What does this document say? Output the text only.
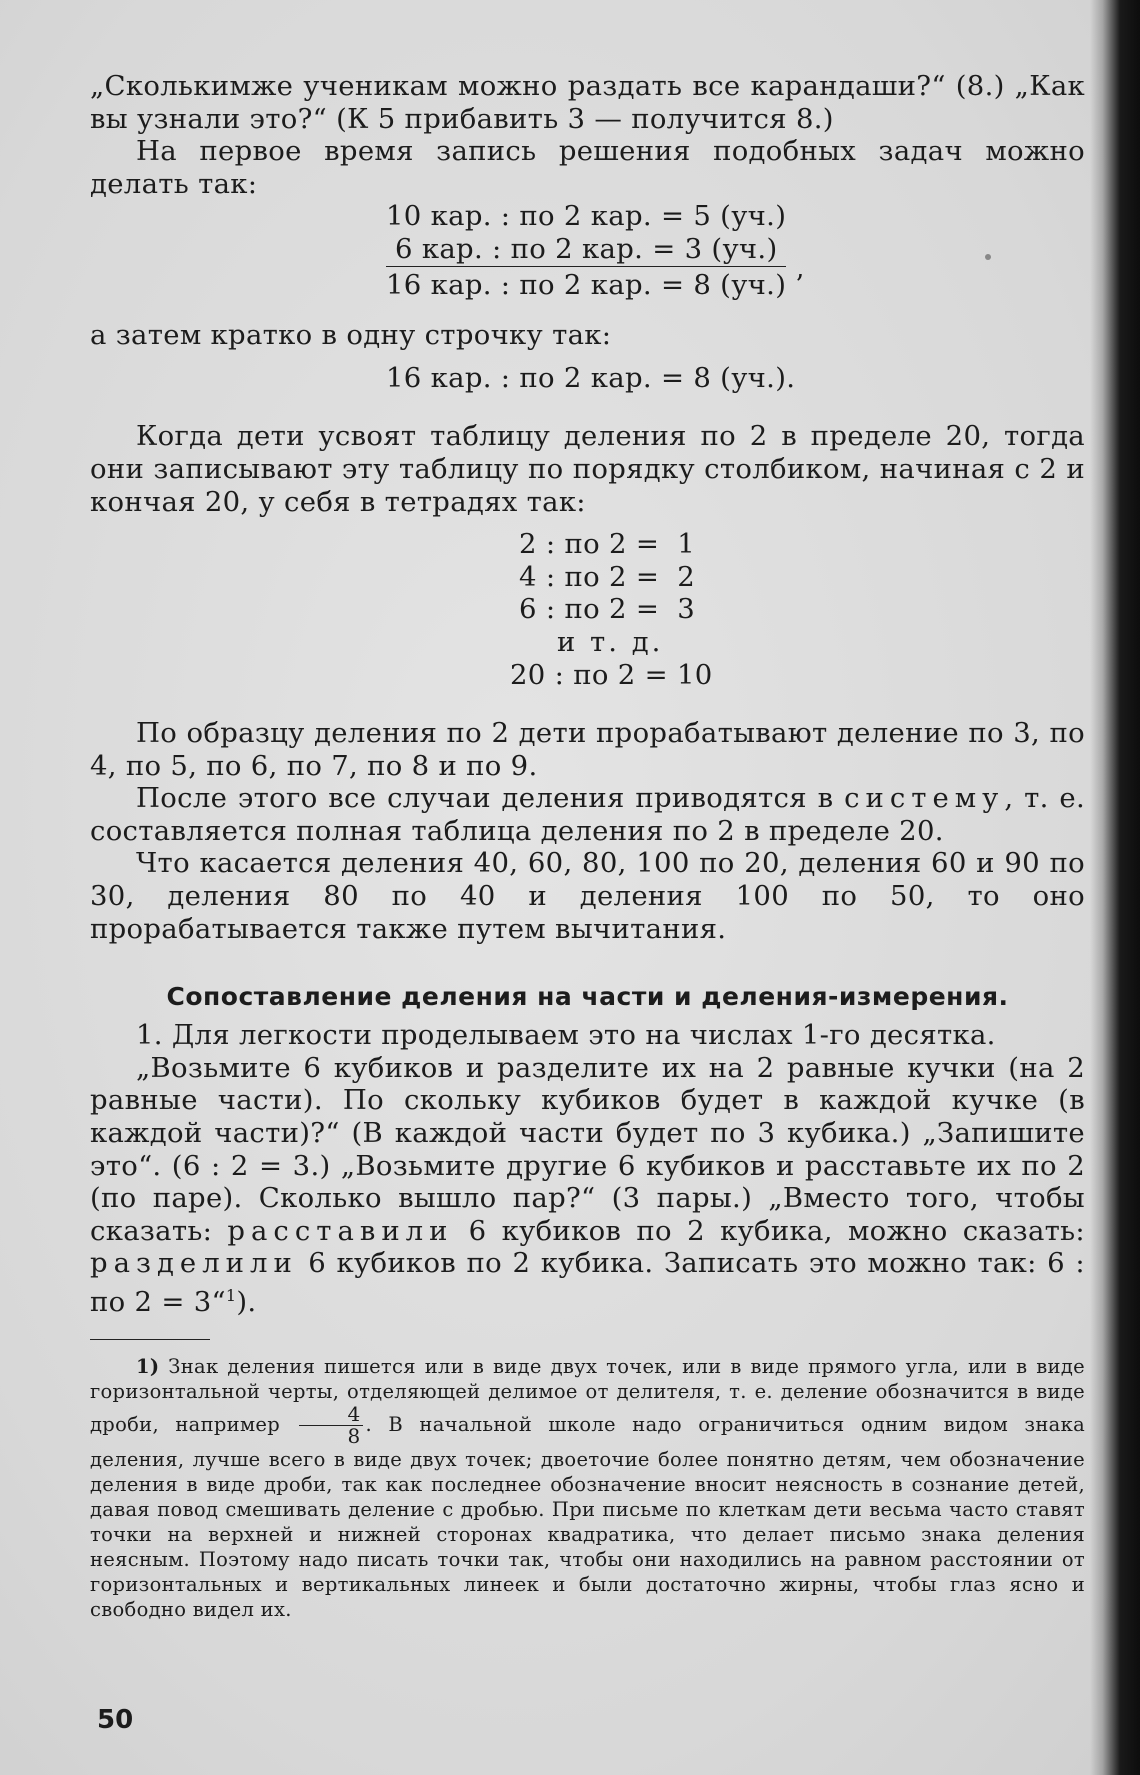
„Сколькимже ученикам можно раздать все карандаши?“ (8.) „Как вы узнали это?“ (К 5 прибавить 3 — получится 8.)

На первое время запись решения подобных задач можно делать так:

10 кар. : по 2 кар. = 5 (уч.)
6 кар. : по 2 кар. = 3 (уч.)
16 кар. : по 2 кар. = 8 (уч.) ’

а затем кратко в одну строчку так:

16 кар. : по 2 кар. = 8 (уч.).

Когда дети усвоят таблицу деления по 2 в пределе 20, тогда они записывают эту таблицу по порядку столбиком, начиная с 2 и кончая 20, у себя в тетрадях так:

2 : по 2 =  1
4 : по 2 =  2
6 : по 2 =  3
и т. д.
20 : по 2 = 10

По образцу деления по 2 дети прорабатывают деление по 3, по 4, по 5, по 6, по 7, по 8 и по 9.

После этого все случаи деления приводятся в систему, т. е. составляется полная таблица деления по 2 в пределе 20.

Что касается деления 40, 60, 80, 100 по 20, деления 60 и 90 по 30, деления 80 по 40 и деления 100 по 50, то оно прорабатывается также путем вычитания.

Сопоставление деления на части и деления-измерения.

1. Для легкости проделываем это на числах 1-го десятка.

„Возьмите 6 кубиков и разделите их на 2 равные кучки (на 2 равные части). По скольку кубиков будет в каждой кучке (в каждой части)?“ (В каждой части будет по 3 кубика.) „Запишите это“. (6 : 2 = 3.) „Возьмите другие 6 кубиков и расставьте их по 2 (по паре). Сколько вышло пар?“ (3 пары.) „Вместо того, чтобы сказать: расставили 6 кубиков по 2 кубика, можно сказать: разделили 6 кубиков по 2 кубика. Записать это можно так: 6 : по 2 = 3“$^1$).

1) Знак деления пишется или в виде двух точек, или в виде прямого угла, или в виде горизонтальной черты, отделяющей делимое от делителя, т. е. деление обозначится в виде дроби, например $\frac{4}{8}$ . В начальной школе надо ограничиться одним видом знака деления, лучше всего в виде двух точек; двоеточие более понятно детям, чем обозначение деления в виде дроби, так как последнее обозначение вносит неясность в сознание детей, давая повод смешивать деление с дробью. При письме по клеткам дети весьма часто ставят точки на верхней и нижней сторонах квадратика, что делает письмо знака деления неясным. Поэтому надо писать точки так, чтобы они находились на равном расстоянии от горизонтальных и вертикальных линеек и были достаточно жирны, чтобы глаз ясно и свободно видел их.

50
